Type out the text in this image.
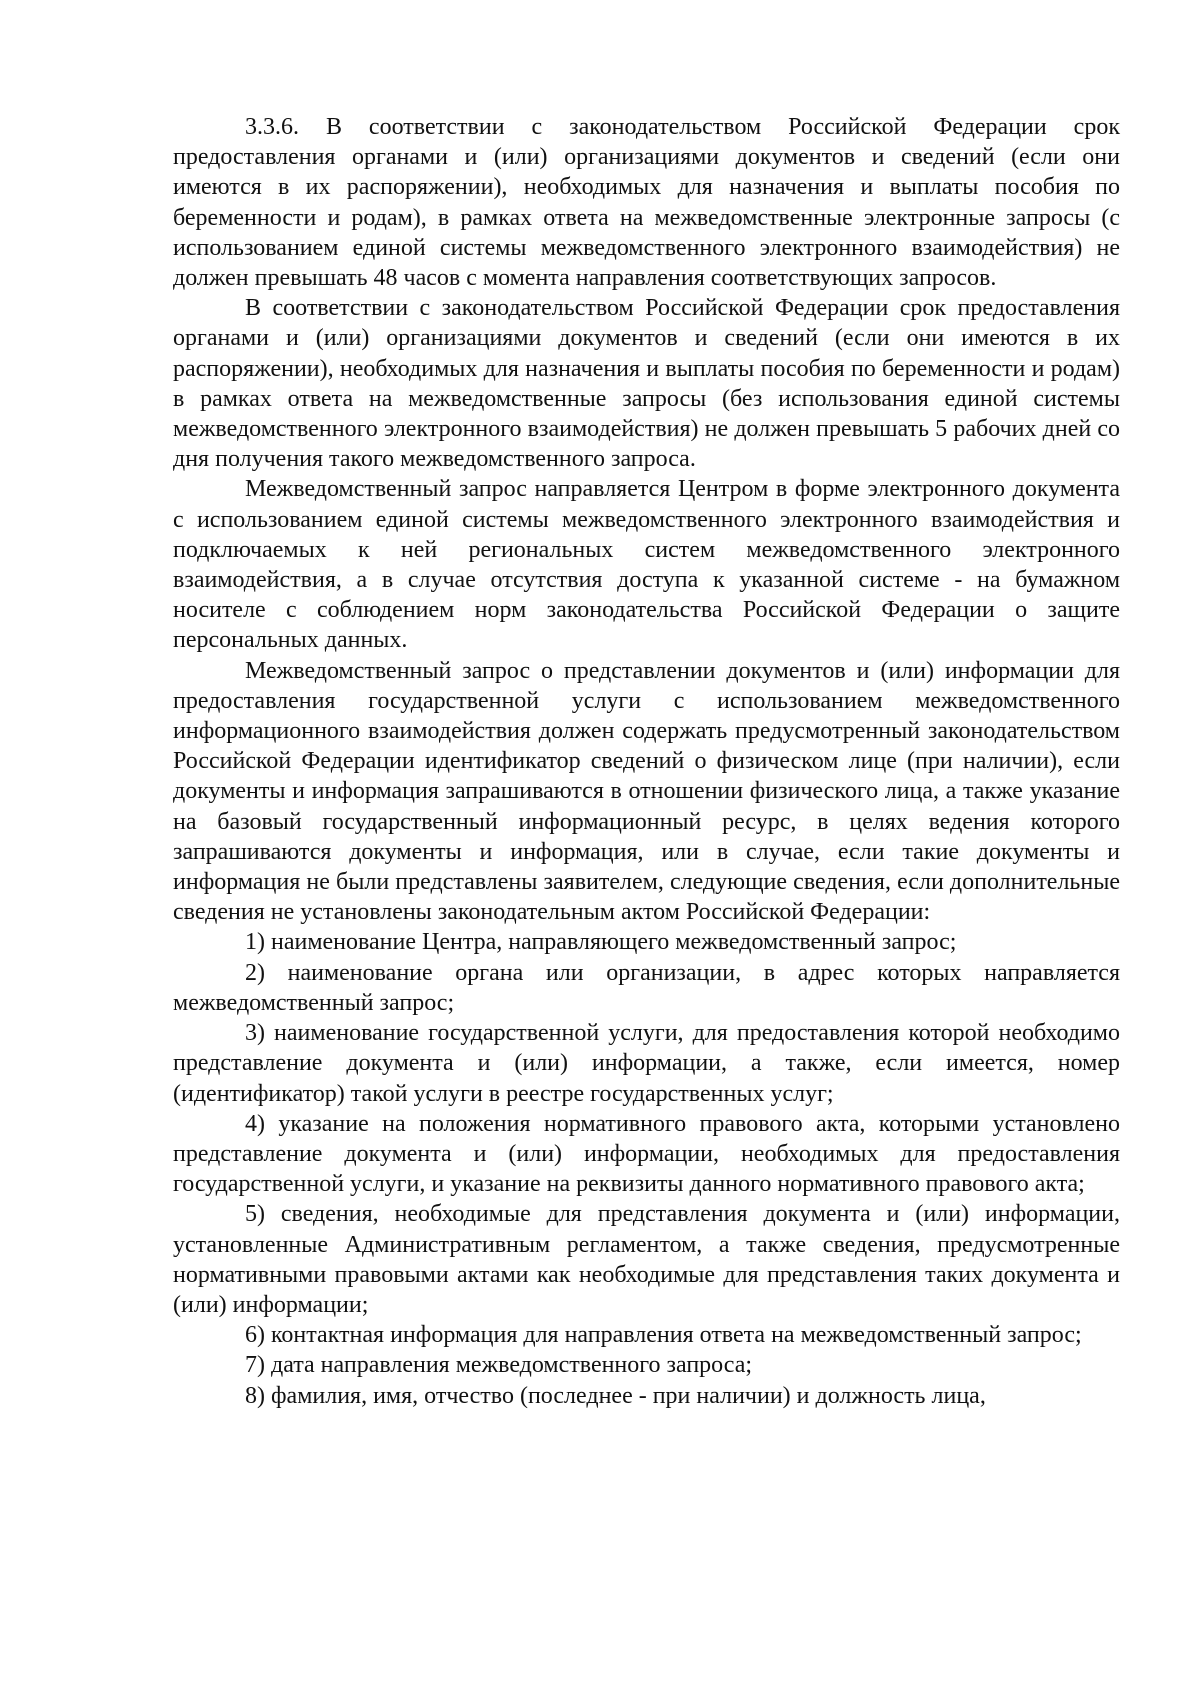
3.3.6. В соответствии с законодательством Российской Федерации срок предоставления органами и (или) организациями документов и сведений (если они имеются в их распоряжении), необходимых для назначения и выплаты пособия по беременности и родам), в рамках ответа на межведомственные электронные запросы (с использованием единой системы межведомственного электронного взаимодействия) не должен превышать 48 часов с момента направления соответствующих запросов.

В соответствии с законодательством Российской Федерации срок предоставления органами и (или) организациями документов и сведений (если они имеются в их распоряжении), необходимых для назначения и выплаты пособия по беременности и родам) в рамках ответа на межведомственные запросы (без использования единой системы межведомственного электронного взаимодействия) не должен превышать 5 рабочих дней со дня получения такого межведомственного запроса.

Межведомственный запрос направляется Центром в форме электронного документа с использованием единой системы межведомственного электронного взаимодействия и подключаемых к ней региональных систем межведомственного электронного взаимодействия, а в случае отсутствия доступа к указанной системе - на бумажном носителе с соблюдением норм законодательства Российской Федерации о защите персональных данных.

Межведомственный запрос о представлении документов и (или) информации для предоставления государственной услуги с использованием межведомственного информационного взаимодействия должен содержать предусмотренный законодательством Российской Федерации идентификатор сведений о физическом лице (при наличии), если документы и информация запрашиваются в отношении физического лица, а также указание на базовый государственный информационный ресурс, в целях ведения которого запрашиваются документы и информация, или в случае, если такие документы и информация не были представлены заявителем, следующие сведения, если дополнительные сведения не установлены законодательным актом Российской Федерации:

1) наименование Центра, направляющего межведомственный запрос;

2) наименование органа или организации, в адрес которых направляется межведомственный запрос;

3) наименование государственной услуги, для предоставления которой необходимо представление документа и (или) информации, а также, если имеется, номер (идентификатор) такой услуги в реестре государственных услуг;

4) указание на положения нормативного правового акта, которыми установлено представление документа и (или) информации, необходимых для предоставления государственной услуги, и указание на реквизиты данного нормативного правового акта;

5) сведения, необходимые для представления документа и (или) информации, установленные Административным регламентом, а также сведения, предусмотренные нормативными правовыми актами как необходимые для представления таких документа и (или) информации;

6) контактная информация для направления ответа на межведомственный запрос;

7) дата направления межведомственного запроса;

8) фамилия, имя, отчество (последнее - при наличии) и должность лица,
